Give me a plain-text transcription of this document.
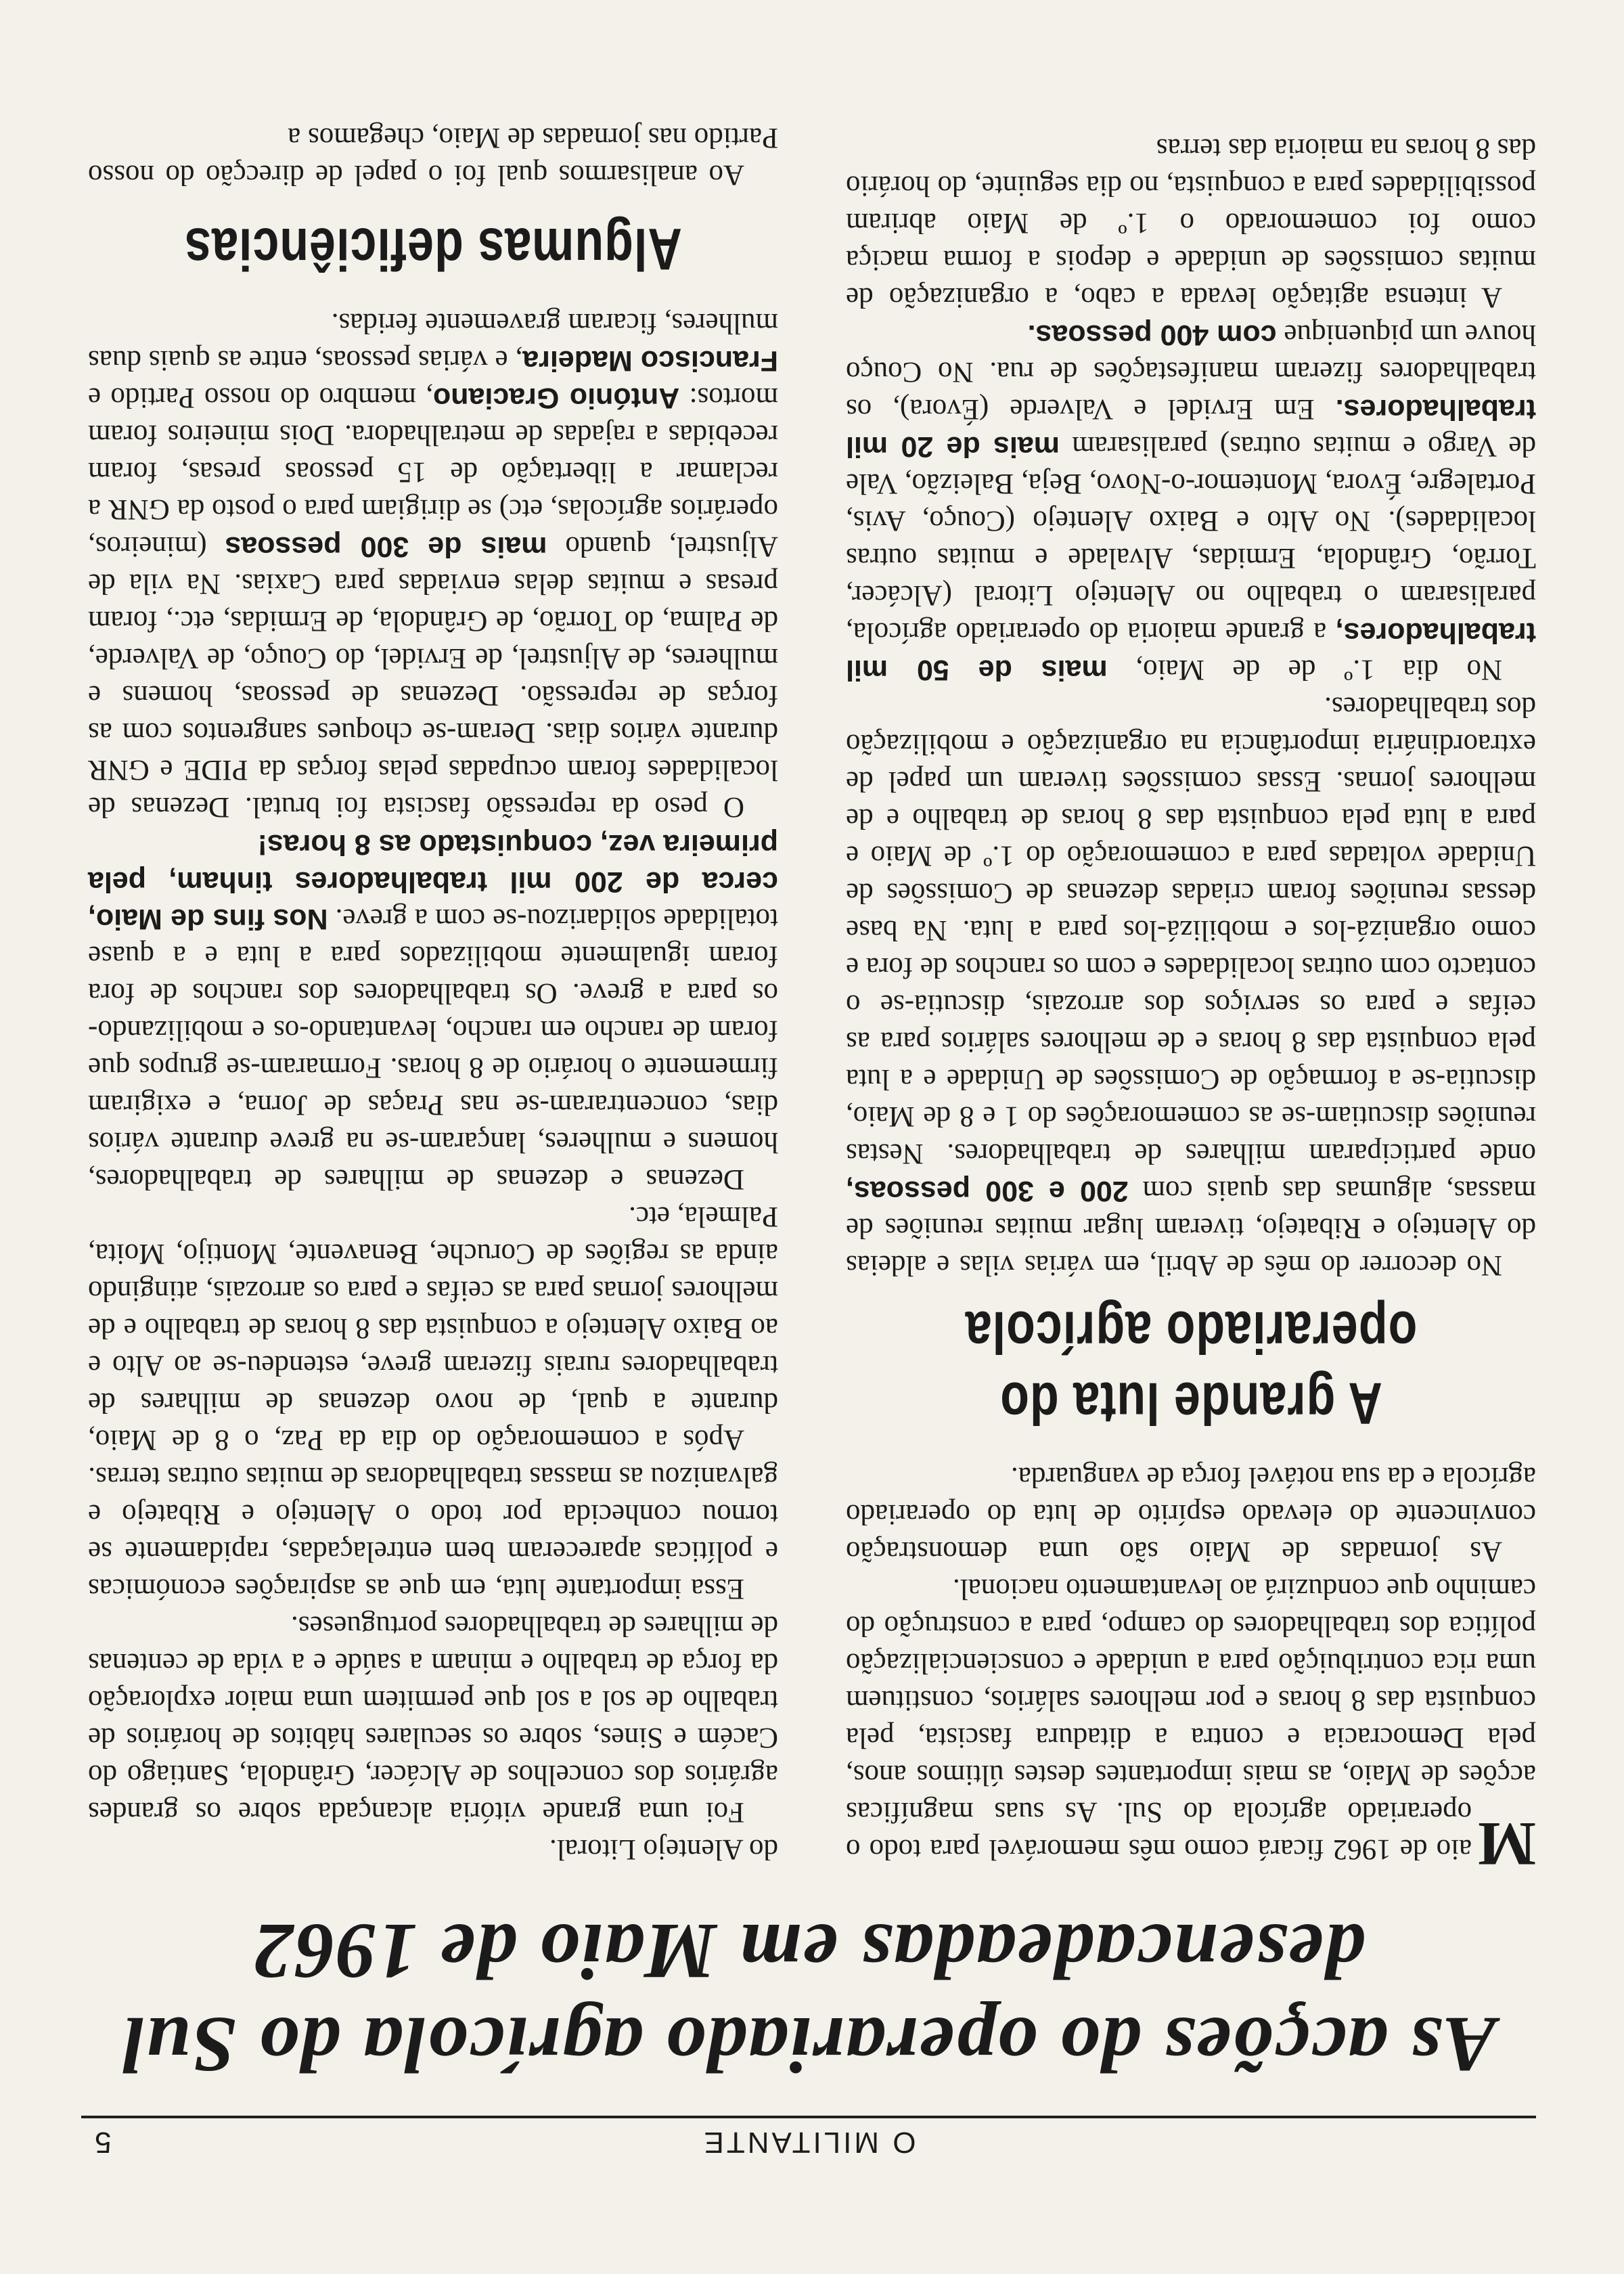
O MILITANTE
5
As acções do operariado agrícola do Sul
desencadeadas em Maio de 1962

M
aio de 1962 ficará como mês memorável para todo o operariado agrícola do Sul. As suas magníficas acções de Maio, as mais importantes destes últimos anos, pela Democracia e contra a ditadura fascista, pela conquista das 8 horas e por melhores salários, constituem uma rica contribuição para a unidade e consciencialização política dos trabalhadores do campo, para a construção do caminho que conduzirá ao levantamento nacional.

As jornadas de Maio são uma demonstração convincente do elevado espírito de luta do operariado agrícola e da sua notável força de vanguarda.

A grande luta do operariado agrícola

No decorrer do mês de Abril, em várias vilas e aldeias do Alentejo e Ribatejo, tiveram lugar muitas reuniões de massas, algumas das quais com 200 e 300 pessoas, onde participaram milhares de trabalhadores. Nestas reuniões discutiam-se as comemorações do 1 e 8 de Maio, discutia-se a formação de Comissões de Unidade e a luta pela conquista das 8 horas e de melhores salários para as ceifas e para os serviços dos arrozais, discutia-se o contacto com outras localidades e com os ranchos de fora e como organizá-los e mobilizá-los para a luta. Na base dessas reuniões foram criadas dezenas de Comissões de Unidade voltadas para a comemoração do 1.º de Maio e para a luta pela conquista das 8 horas de trabalho e de melhores jornas. Essas comissões tiveram um papel de extraordinária importância na organização e mobilização dos trabalhadores.

No dia 1.º de de Maio, mais de 50 mil trabalhadores, a grande maioria do operariado agrícola, paralisaram o trabalho no Alentejo Litoral (Alcácer, Torrão, Grândola, Ermidas, Alvalade e muitas outras localidades). No Alto e Baixo Alentejo (Couço, Avis, Portalegre, Évora, Montemor-o-Novo, Beja, Baleizão, Vale de Vargo e muitas outras) paralisaram mais de 20 mil trabalhadores. Em Ervidel e Valverde (Évora), os trabalhadores fizeram manifestações de rua. No Couço houve um piquenique com 400 pessoas.

A intensa agitação levada a cabo, a organização de muitas comissões de unidade e depois a forma maciça como foi comemorado o 1.º de Maio abriram possibilidades para a conquista, no dia seguinte, do horário das 8 horas na maioria das terras

do Alentejo Litoral.

Foi uma grande vitória alcançada sobre os grandes agrários dos concelhos de Alcácer, Grândola, Santiago do Cacém e Sines, sobre os seculares hábitos de horários de trabalho de sol a sol que permitem uma maior exploração da força de trabalho e minam a saúde e a vida de centenas de milhares de trabalhadores portugueses.

Essa importante luta, em que as aspirações económicas e políticas apareceram bem entrelaçadas, rapidamente se tornou conhecida por todo o Alentejo e Ribatejo e galvanizou as massas trabalhadoras de muitas outras terras.

Após a comemoração do dia da Paz, o 8 de Maio, durante a qual, de novo dezenas de milhares de trabalhadores rurais fizeram greve, estendeu-se ao Alto e ao Baixo Alentejo a conquista das 8 horas de trabalho e de melhores jornas para as ceifas e para os arrozais, atingindo ainda as regiões de Coruche, Benavente, Montijo, Moita, Palmela, etc.

Dezenas e dezenas de milhares de trabalhadores, homens e mulheres, lançaram-se na greve durante vários dias, concentraram-se nas Praças de Jorna, e exigiram firmemente o horário de 8 horas. Formaram-se grupos que foram de rancho em rancho, levantando-os e mobilizando-os para a greve. Os trabalhadores dos ranchos de fora foram igualmente mobilizados para a luta e a quase totalidade solidarizou-se com a greve. Nos fins de Maio, cerca de 200 mil trabalhadores tinham, pela primeira vez, conquistado as 8 horas!

O peso da repressão fascista foi brutal. Dezenas de localidades foram ocupadas pelas forças da PIDE e GNR durante vários dias. Deram-se choques sangrentos com as forças de repressão. Dezenas de pessoas, homens e mulheres, de Aljustrel, de Ervidel, do Couço, de Valverde, de Palma, do Torrão, de Grândola, de Ermidas, etc., foram presas e muitas delas enviadas para Caxias. Na vila de Aljustrel, quando mais de 300 pessoas (mineiros, operários agrícolas, etc) se dirigiam para o posto da GNR a reclamar a libertação de 15 pessoas presas, foram recebidas a rajadas de metralhadora. Dois mineiros foram mortos: António Graciano, membro do nosso Partido e Francisco Madeira, e várias pessoas, entre as quais duas mulheres, ficaram gravemente feridas.

Algumas deficiências

Ao analisarmos qual foi o papel de direcção do nosso Partido nas jornadas de Maio, chegamos a
